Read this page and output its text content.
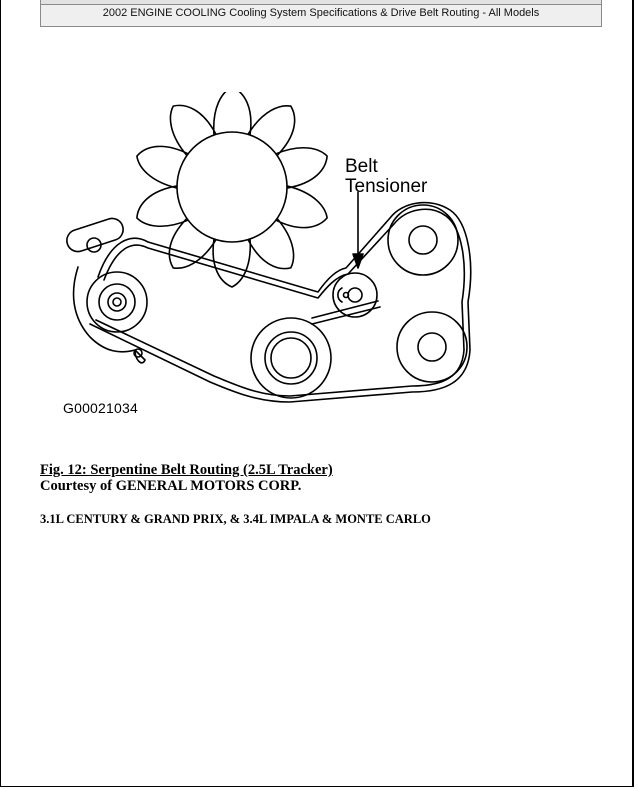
2002 ENGINE COOLING Cooling System Specifications & Drive Belt Routing - All Models
Belt
Tensioner
G00021034
Fig. 12: Serpentine Belt Routing (2.5L Tracker)
Courtesy of GENERAL MOTORS CORP.
3.1L CENTURY & GRAND PRIX, & 3.4L IMPALA & MONTE CARLO
